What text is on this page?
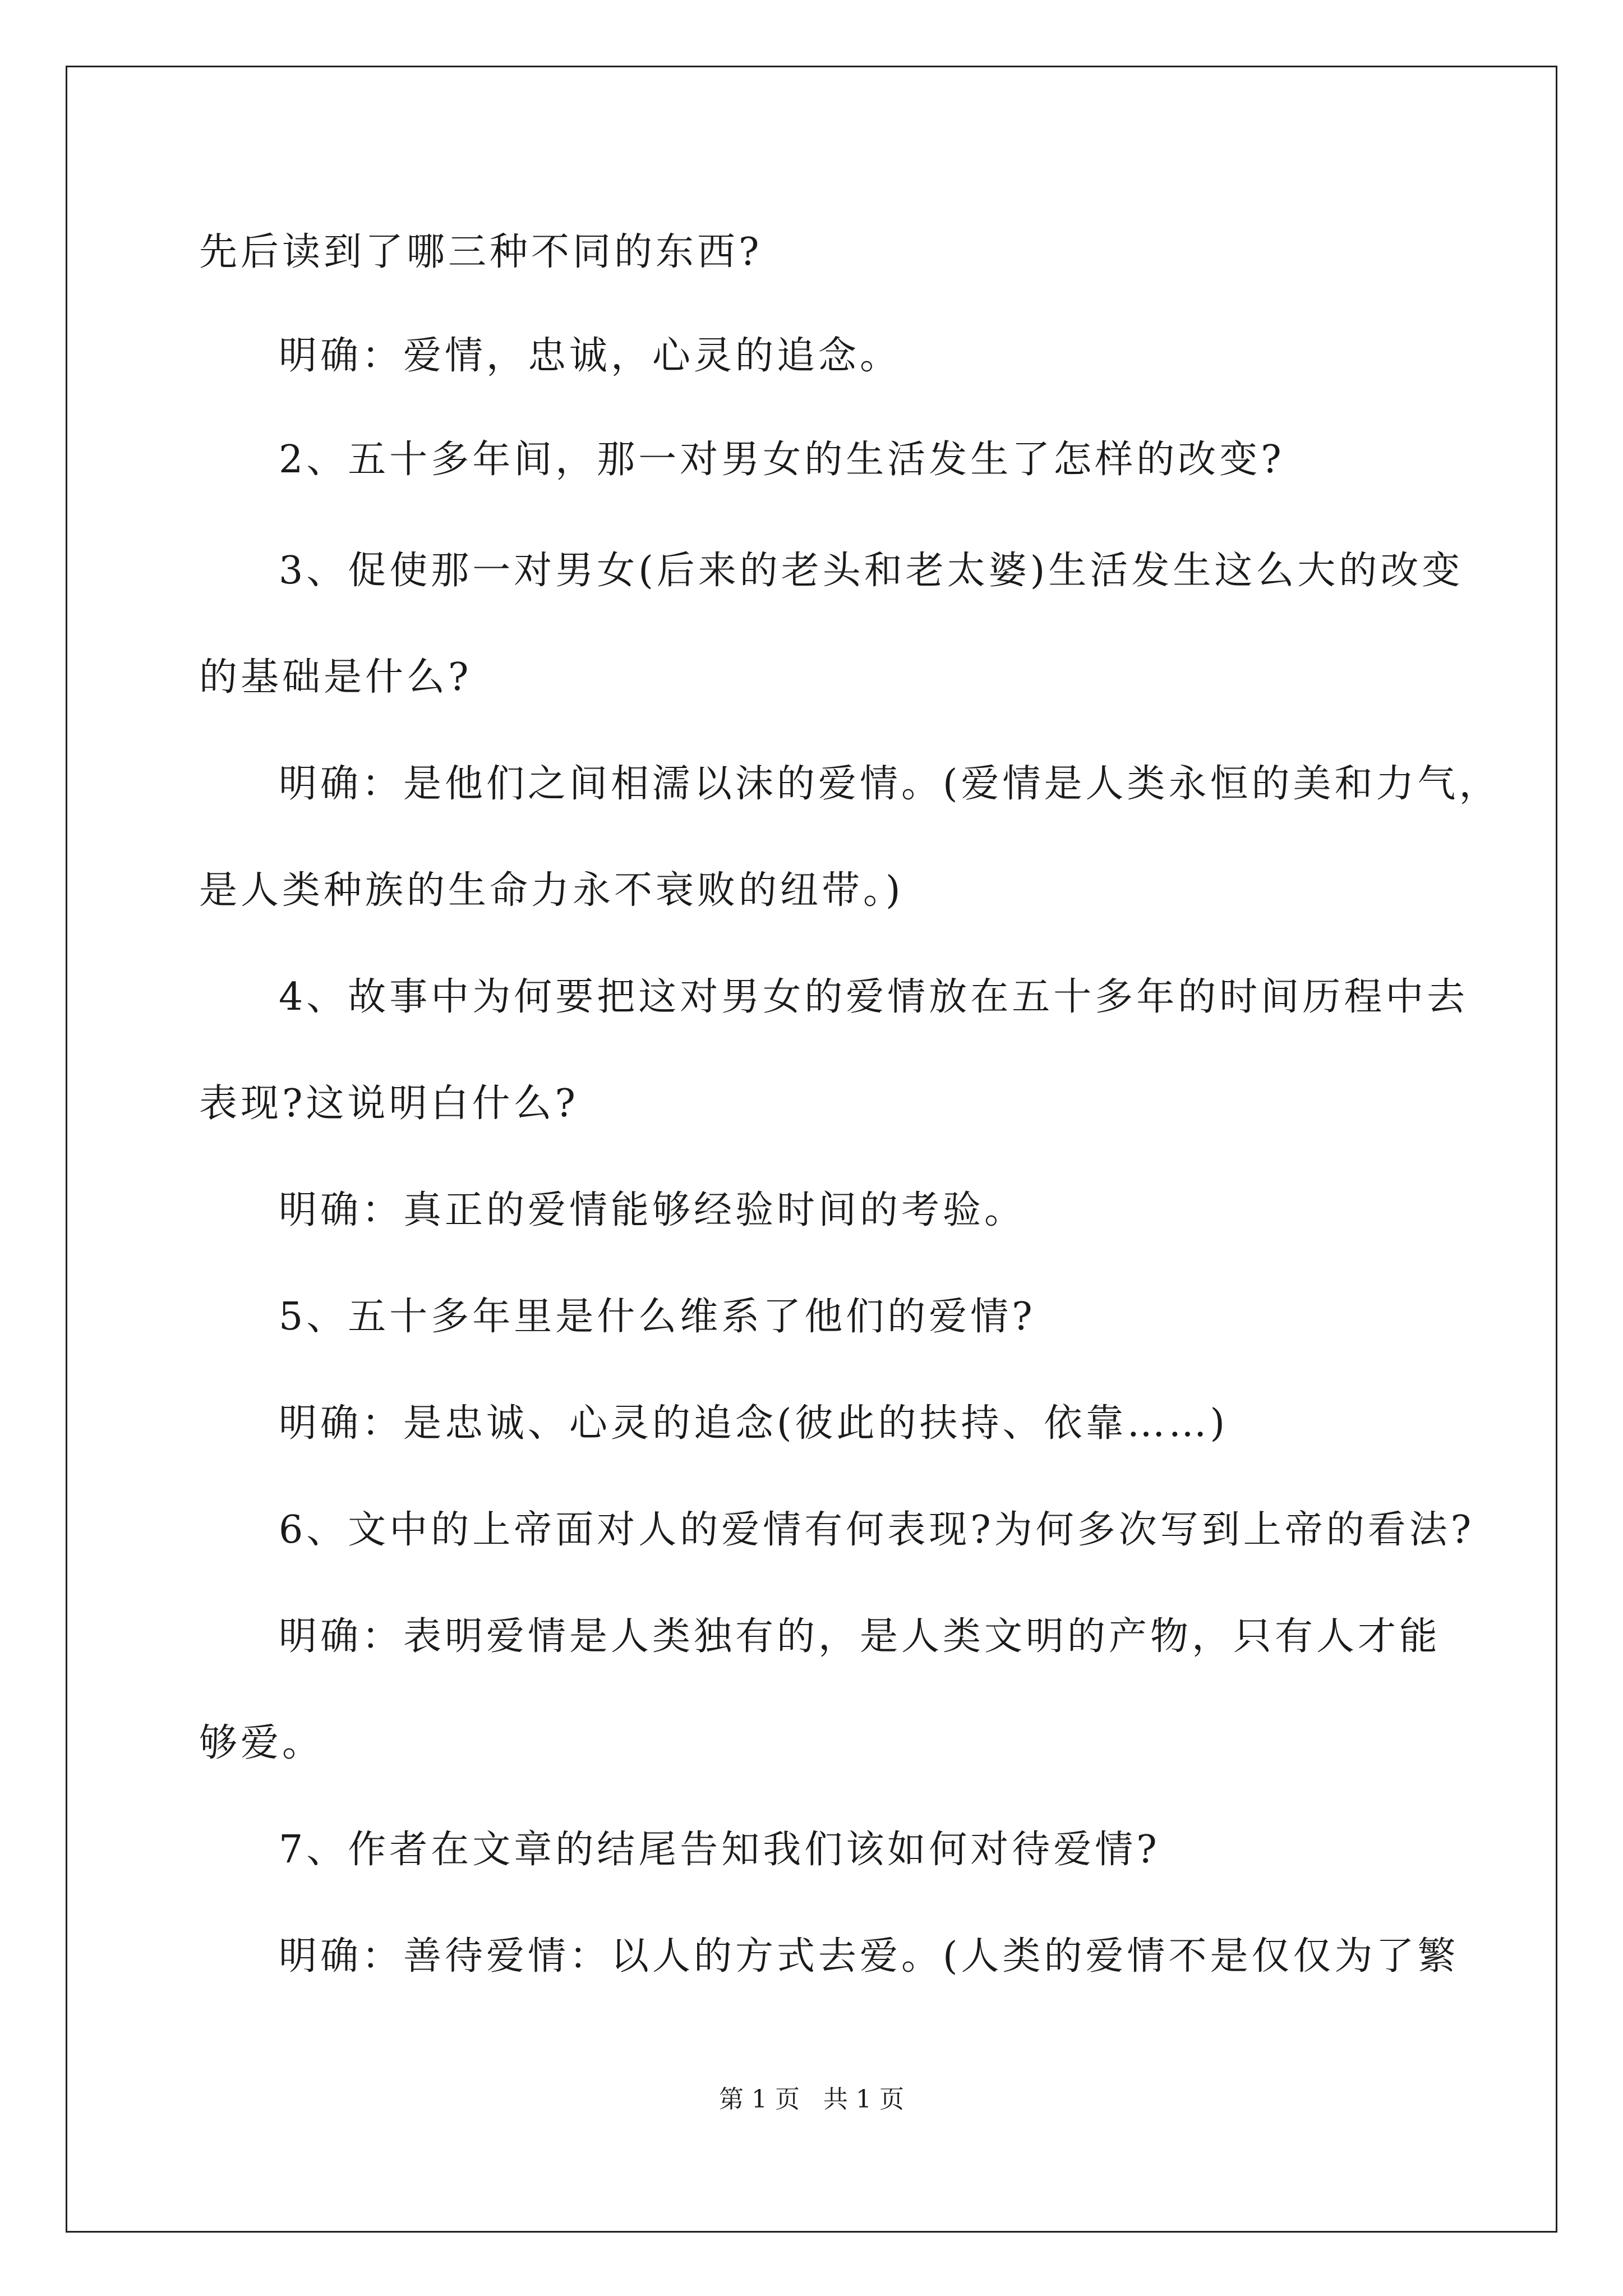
先后读到了哪三种不同的东西?
明确：爱情，忠诚，心灵的追念。
2、五十多年间，那一对男女的生活发生了怎样的改变?
3、促使那一对男女(后来的老头和老太婆)生活发生这么大的改变
的基础是什么?
明确：是他们之间相濡以沫的爱情。(爱情是人类永恒的美和力气，
是人类种族的生命力永不衰败的纽带。)
4、故事中为何要把这对男女的爱情放在五十多年的时间历程中去
表现?这说明白什么?
明确：真正的爱情能够经验时间的考验。
5、五十多年里是什么维系了他们的爱情?
明确：是忠诚、心灵的追念(彼此的扶持、依靠……)
6、文中的上帝面对人的爱情有何表现?为何多次写到上帝的看法?
明确：表明爱情是人类独有的，是人类文明的产物，只有人才能
够爱。
7、作者在文章的结尾告知我们该如何对待爱情?
明确：善待爱情：以人的方式去爱。(人类的爱情不是仅仅为了繁
第 1 页   共 1 页
